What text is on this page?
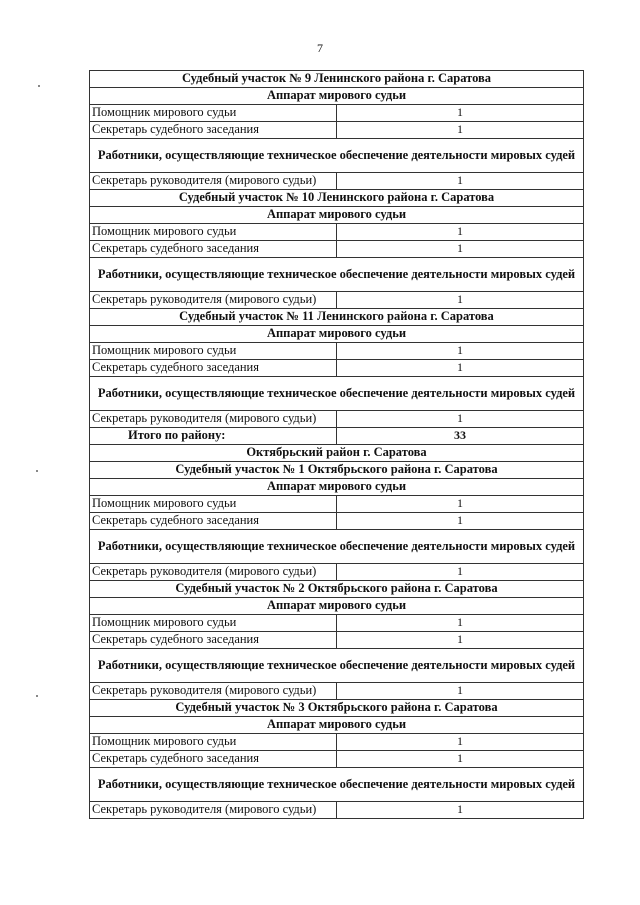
7
Судебный участок № 9 Ленинского района г. Саратова	
Аппарат мирового судьи	
Помощник мирового судьи	1
Секретарь судебного заседания	1
Работники, осуществляющие техническое обеспечение деятельности мировых судей	
Секретарь руководителя (мирового судьи)	1
Судебный участок № 10 Ленинского района г. Саратова	
Аппарат мирового судьи	
Помощник мирового судьи	1
Секретарь судебного заседания	1
Работники, осуществляющие техническое обеспечение деятельности мировых судей	
Секретарь руководителя (мирового судьи)	1
Судебный участок № 11 Ленинского района г. Саратова	
Аппарат мирового судьи	
Помощник мирового судьи	1
Секретарь судебного заседания	1
Работники, осуществляющие техническое обеспечение деятельности мировых судей	
Секретарь руководителя (мирового судьи)	1
Итого по району:	33
Октябрьский район г. Саратова	
Судебный участок № 1 Октябрьского района г. Саратова	
Аппарат мирового судьи	
Помощник мирового судьи	1
Секретарь судебного заседания	1
Работники, осуществляющие техническое обеспечение деятельности мировых судей	
Секретарь руководителя (мирового судьи)	1
Судебный участок № 2 Октябрьского района г. Саратова	
Аппарат мирового судьи	
Помощник мирового судьи	1
Секретарь судебного заседания	1
Работники, осуществляющие техническое обеспечение деятельности мировых судей	
Секретарь руководителя (мирового судьи)	1
Судебный участок № 3 Октябрьского района г. Саратова	
Аппарат мирового судьи	
Помощник мирового судьи	1
Секретарь судебного заседания	1
Работники, осуществляющие техническое обеспечение деятельности мировых судей	
Секретарь руководителя (мирового судьи)	1
